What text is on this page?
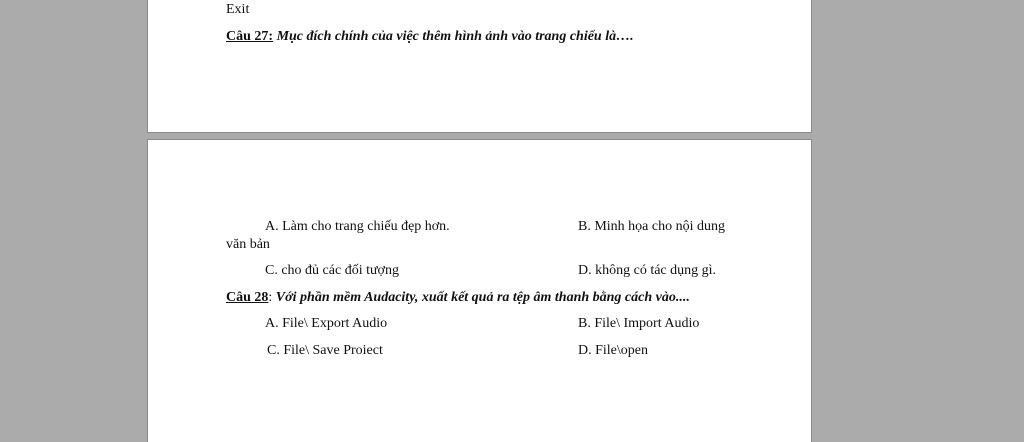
Exit
Câu 27: Mục đích chính của việc thêm hình ảnh vào trang chiếu là….
A. Làm cho trang chiếu đẹp hơn.	B. Minh họa cho nội dung
văn bản
C. cho đủ các đối tượng	D. không có tác dụng gì.
Câu 28: Với phần mềm Audacity, xuất kết quả ra tệp âm thanh bằng cách vào....
A. File\ Export Audio	B. File\ Import Audio
C. File\ Save Proiect	D. File\open
